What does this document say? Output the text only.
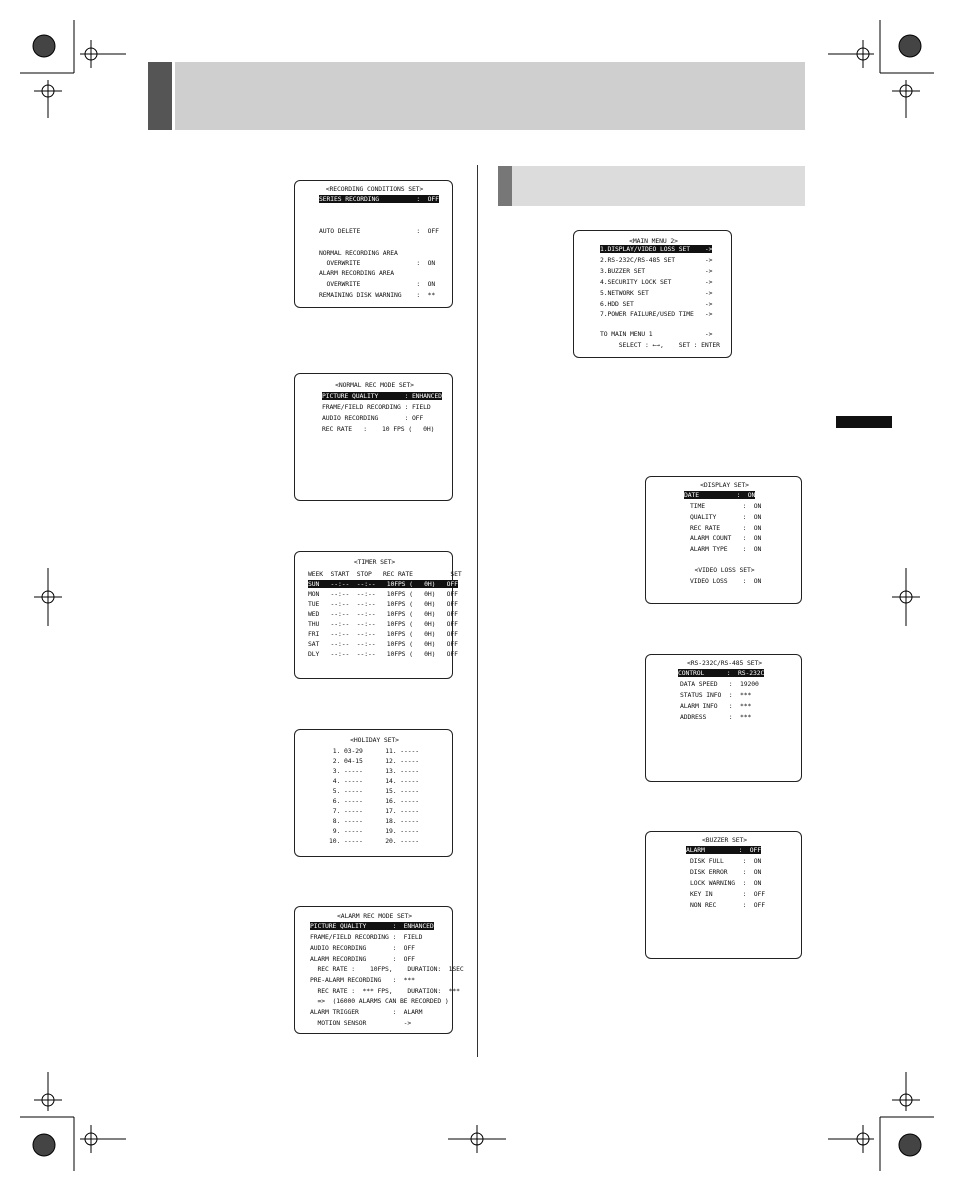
<RECORDING CONDITIONS SET>
SERIES RECORDING          :  OFF
AUTO DELETE               :  OFF
NORMAL RECORDING AREA
OVERWRITE               :  ON
ALARM RECORDING AREA
OVERWRITE               :  ON
REMAINING DISK WARNING    :  **
<NORMAL REC MODE SET>
PICTURE QUALITY       : ENHANCED
FRAME/FIELD RECORDING : FIELD
AUDIO RECORDING       : OFF
REC RATE   :    10 FPS (   0H)
<TIMER SET>
WEEK  START  STOP   REC RATE          SET
SUN   --:--  --:--   10FPS (   0H)   OFF
MON   --:--  --:--   10FPS (   0H)   OFF
TUE   --:--  --:--   10FPS (   0H)   OFF
WED   --:--  --:--   10FPS (   0H)   OFF
THU   --:--  --:--   10FPS (   0H)   OFF
FRI   --:--  --:--   10FPS (   0H)   OFF
SAT   --:--  --:--   10FPS (   0H)   OFF
DLY   --:--  --:--   10FPS (   0H)   OFF
<HOLIDAY SET>
1. 03-29      11. -----
2. 04-15      12. -----
3. -----      13. -----
4. -----      14. -----
5. -----      15. -----
6. -----      16. -----
7. -----      17. -----
8. -----      18. -----
9. -----      19. -----
10. -----      20. -----
<ALARM REC MODE SET>
PICTURE QUALITY       :  ENHANCED
FRAME/FIELD RECORDING :  FIELD
AUDIO RECORDING       :  OFF
ALARM RECORDING       :  OFF
REC RATE :    10FPS,    DURATION:  1SEC
PRE-ALARM RECORDING   :  ***
REC RATE :  *** FPS,    DURATION:  ***
=>  (16000 ALARMS CAN BE RECORDED )
ALARM TRIGGER         :  ALARM
MOTION SENSOR          ->
<MAIN MENU 2>
1.DISPLAY/VIDEO LOSS SET    ->
2.RS-232C/RS-485 SET        ->
3.BUZZER SET                ->
4.SECURITY LOCK SET         ->
5.NETWORK SET               ->
6.HDD SET                   ->
7.POWER FAILURE/USED TIME   ->
TO MAIN MENU 1              ->
SELECT : ←→,    SET : ENTER
<DISPLAY SET>
DATE          :  ON
TIME          :  ON
QUALITY       :  ON
REC RATE      :  ON
ALARM COUNT   :  ON
ALARM TYPE    :  ON
<VIDEO LOSS SET>
VIDEO LOSS    :  ON
<RS-232C/RS-485 SET>
CONTROL      :  RS-232C
DATA SPEED   :  19200
STATUS INFO  :  ***
ALARM INFO   :  ***
ADDRESS      :  ***
<BUZZER SET>
ALARM         :  OFF
DISK FULL     :  ON
DISK ERROR    :  ON
LOCK WARNING  :  ON
KEY IN        :  OFF
NON REC       :  OFF
